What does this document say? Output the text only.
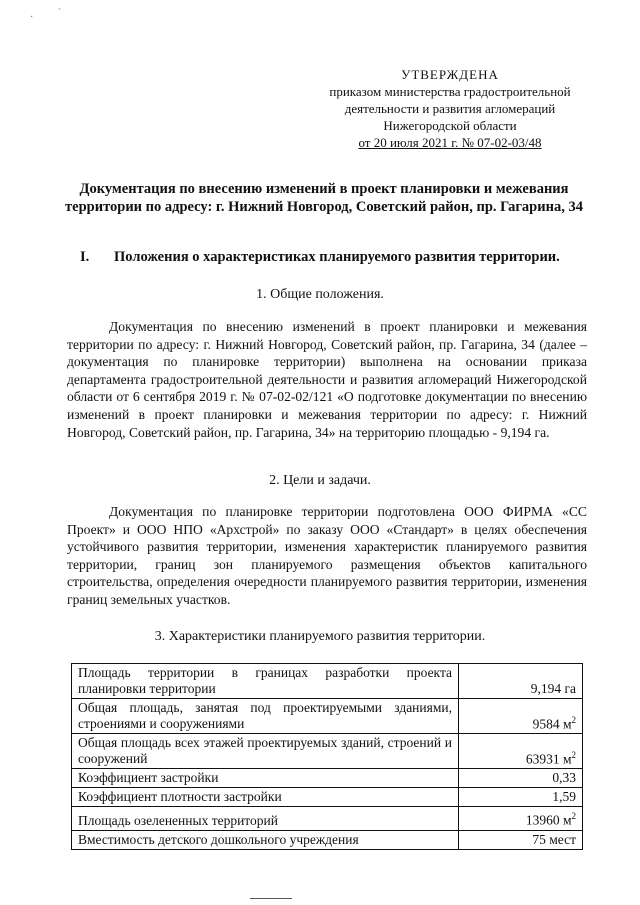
· `
УТВЕРЖДЕНА
приказом министерства градостроительной
деятельности и развития агломераций
Нижегородской области
от 20 июля 2021 г. № 07-02-03/48
Документация по внесению изменений в проект планировки и межевания территории по адресу: г. Нижний Новгород, Советский район, пр. Гагарина, 34
I. Положения о характеристиках планируемого развития территории.
1. Общие положения.

Документация по внесению изменений в проект планировки и межевания территории по адресу: г. Нижний Новгород, Советский район, пр. Гагарина, 34 (далее – документация по планировке территории) выполнена на основании приказа департамента градостроительной деятельности и развития агломераций Нижегородской области от 6 сентября 2019 г. № 07-02-02/121 «О подготовке документации по внесению изменений в проект планировки и межевания территории по адресу: г. Нижний Новгород, Советский район, пр. Гагарина, 34» на территорию площадью - 9,194 га.

2. Цели и задачи.

Документация по планировке территории подготовлена ООО ФИРМА «СС Проект» и ООО НПО «Архстрой» по заказу ООО «Стандарт» в целях обеспечения устойчивого развития территории, изменения характеристик планируемого развития территории, границ зон планируемого размещения объектов капитального строительства, определения очередности планируемого развития территории, изменения границ земельных участков.

3. Характеристики планируемого развития территории.
Площадь территории в границах разработки проекта планировки территории	9,194 га
Общая площадь, занятая под проектируемыми зданиями, строениями и сооружениями	9584 $м^2$
Общая площадь всех этажей проектируемых зданий, строений и сооружений	63931 $м^2$
Коэффициент застройки	0,33
Коэффициент плотности застройки	1,59
Площадь озелененных территорий	13960 $м^2$
Вместимость детского дошкольного учреждения	75 мест
